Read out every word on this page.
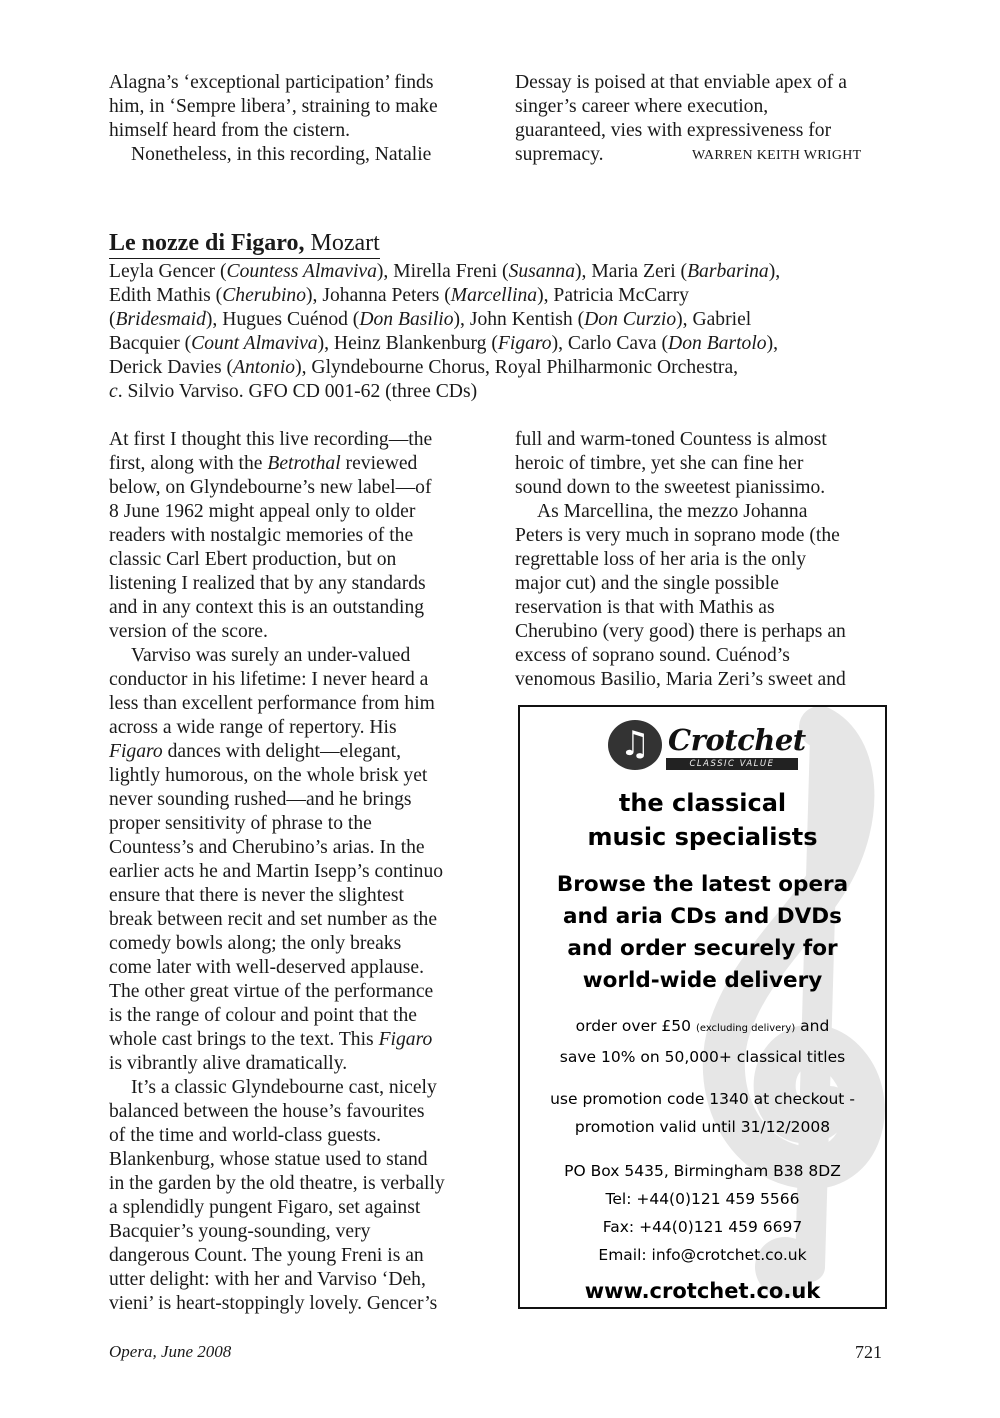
Alagna’s ‘exceptional participation’ finds
him, in ‘Sempre libera’, straining to make
himself heard from the cistern.
Nonetheless, in this recording, Natalie
Dessay is poised at that enviable apex of a
singer’s career where execution,
guaranteed, vies with expressiveness for
supremacy.	WARREN KEITH WRIGHT
Le nozze di Figaro, Mozart
Leyla Gencer (Countess Almaviva), Mirella Freni (Susanna), Maria Zeri (Barbarina),
Edith Mathis (Cherubino), Johanna Peters (Marcellina), Patricia McCarry
(Bridesmaid), Hugues Cuénod (Don Basilio), John Kentish (Don Curzio), Gabriel
Bacquier (Count Almaviva), Heinz Blankenburg (Figaro), Carlo Cava (Don Bartolo),
Derick Davies (Antonio), Glyndebourne Chorus, Royal Philharmonic Orchestra,
c. Silvio Varviso. GFO CD 001-62 (three CDs)
At first I thought this live recording—the
first, along with the Betrothal reviewed
below, on Glyndebourne’s new label—of
8 June 1962 might appeal only to older
readers with nostalgic memories of the
classic Carl Ebert production, but on
listening I realized that by any standards
and in any context this is an outstanding
version of the score.
Varviso was surely an under-valued
conductor in his lifetime: I never heard a
less than excellent performance from him
across a wide range of repertory. His
Figaro dances with delight—elegant,
lightly humorous, on the whole brisk yet
never sounding rushed—and he brings
proper sensitivity of phrase to the
Countess’s and Cherubino’s arias. In the
earlier acts he and Martin Isepp’s continuo
ensure that there is never the slightest
break between recit and set number as the
comedy bowls along; the only breaks
come later with well-deserved applause.
The other great virtue of the performance
is the range of colour and point that the
whole cast brings to the text. This Figaro
is vibrantly alive dramatically.
It’s a classic Glyndebourne cast, nicely
balanced between the house’s favourites
of the time and world-class guests.
Blankenburg, whose statue used to stand
in the garden by the old theatre, is verbally
a splendidly pungent Figaro, set against
Bacquier’s young-sounding, very
dangerous Count. The young Freni is an
utter delight: with her and Varviso ‘Deh,
vieni’ is heart-stoppingly lovely. Gencer’s
full and warm-toned Countess is almost
heroic of timbre, yet she can fine her
sound down to the sweetest pianissimo.
As Marcellina, the mezzo Johanna
Peters is very much in soprano mode (the
regrettable loss of her aria is the only
major cut) and the single possible
reservation is that with Mathis as
Cherubino (very good) there is perhaps an
excess of soprano sound. Cuénod’s
venomous Basilio, Maria Zeri’s sweet and
♫ Crotchet
CLASSIC VALUE
the classical
music specialists
Browse the latest opera
and aria CDs and DVDs
and order securely for
world-wide delivery
order over £50 (excluding delivery) and
save 10% on 50,000+ classical titles
use promotion code 1340 at checkout -
promotion valid until 31/12/2008
PO Box 5435, Birmingham B38 8DZ
Tel: +44(0)121 459 5566
Fax: +44(0)121 459 6697
Email: info@crotchet.co.uk
www.crotchet.co.uk
Opera, June 2008	721
